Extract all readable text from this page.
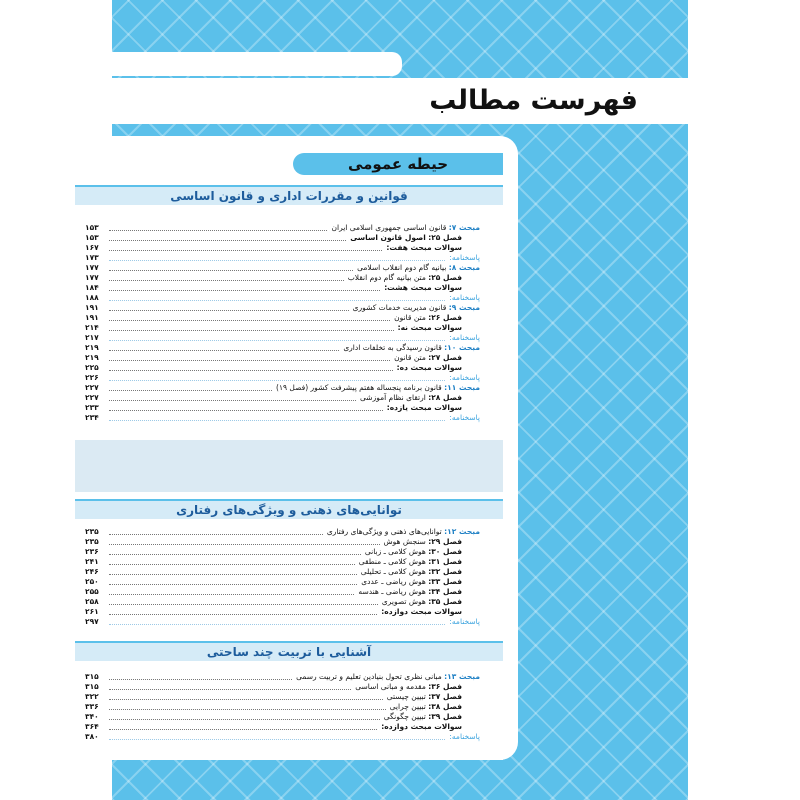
فهرست مطالب
حیطه عمومی
قوانین و مقررات اداری و قانون اساسی
مبحث ۷: قانون اساسی جمهوری اسلامی ایران
۱۵۳
فصل ۲۵: اصول قانون اساسی
۱۵۳
سوالات مبحث هفت:
۱۶۷
پاسخنامه:
۱۷۳
مبحث ۸: بیانیه گام دوم انقلاب اسلامی
۱۷۷
فصل ۲۵: متن بیانیه گام دوم انقلاب
۱۷۷
سوالات مبحث هشت:
۱۸۴
پاسخنامه:
۱۸۸
مبحث ۹: قانون مدیریت خدمات کشوری
۱۹۱
فصل ۲۶: متن قانون
۱۹۱
سوالات مبحث نه:
۲۱۴
پاسخنامه:
۲۱۷
مبحث ۱۰: قانون رسیدگی به تخلفات اداری
۲۱۹
فصل ۲۷: متن قانون
۲۱۹
سوالات مبحث ده:
۲۲۵
پاسخنامه:
۲۲۶
مبحث ۱۱: قانون برنامه پنجساله هفتم پیشرفت کشور (فصل ۱۹)
۲۲۷
فصل ۲۸: ارتقای نظام آموزشی
۲۲۷
سوالات مبحث یازده:
۲۳۳
پاسخنامه:
۲۳۴
توانایی‌های ذهنی و ویژگی‌های رفتاری
مبحث ۱۲: توانایی‌های ذهنی و ویژگی‌های رفتاری
۲۳۵
فصل ۲۹: سنجش هوش
۲۳۵
فصل ۳۰: هوش کلامی ـ زبانی
۲۳۶
فصل ۳۱: هوش کلامی ـ منطقی
۲۴۱
فصل ۳۲: هوش کلامی ـ تحلیلی
۲۴۶
فصل ۳۳: هوش ریاضی ـ عددی
۲۵۰
فصل ۳۴: هوش ریاضی ـ هندسه
۲۵۵
فصل ۳۵: هوش تصویری
۲۵۸
سوالات مبحث دوازده:
۲۶۱
پاسخنامه:
۲۹۷
آشنایی با تربیت چند ساحتی
مبحث ۱۳: مبانی نظری تحول بنیادین تعلیم و تربیت رسمی
۳۱۵
فصل ۳۶: مقدمه و مبانی اساسی
۳۱۵
فصل ۳۷: تبیین چیستی
۳۲۲
فصل ۳۸: تبیین چرایی
۳۳۶
فصل ۳۹: تبیین چگونگی
۳۴۰
سوالات مبحث دوازده:
۳۶۴
پاسخنامه:
۳۸۰
